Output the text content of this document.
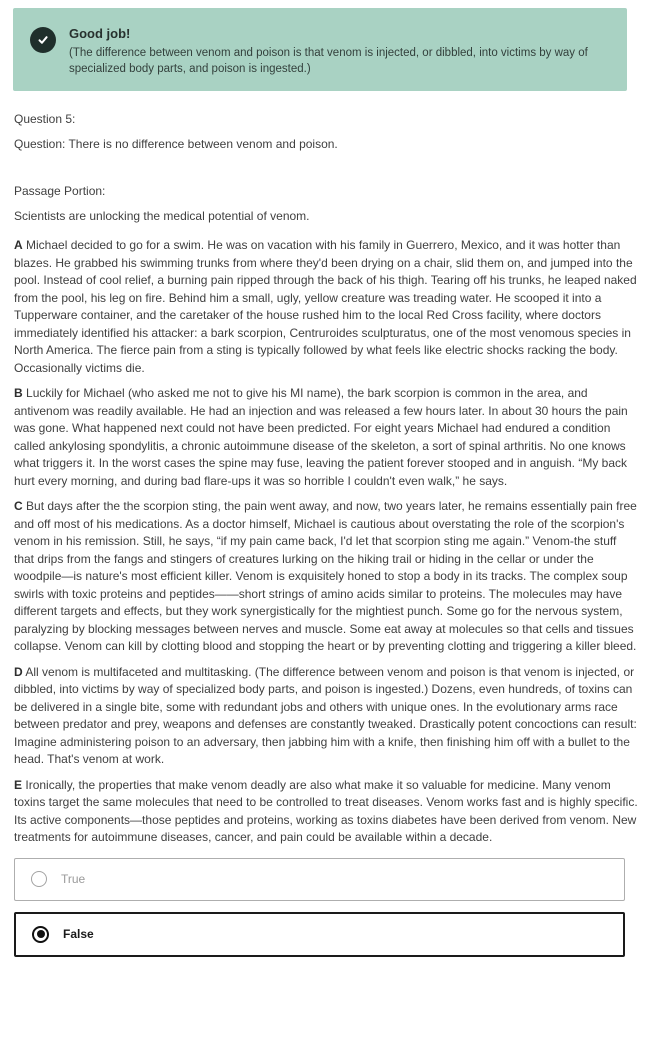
Good job!
(The difference between venom and poison is that venom is injected, or dibbled, into victims by way of specialized body parts, and poison is ingested.)
Question 5:
Question: There is no difference between venom and poison.
Passage Portion:
Scientists are unlocking the medical potential of venom.

A Michael decided to go for a swim. He was on vacation with his family in Guerrero, Mexico, and it was hotter than blazes. He grabbed his swimming trunks from where they'd been drying on a chair, slid them on, and jumped into the pool. Instead of cool relief, a burning pain ripped through the back of his thigh. Tearing off his trunks, he leaped naked from the pool, his leg on fire. Behind him a small, ugly, yellow creature was treading water. He scooped it into a Tupperware container, and the caretaker of the house rushed him to the local Red Cross facility, where doctors immediately identified his attacker: a bark scorpion, Centruroides sculpturatus, one of the most venomous species in North America. The fierce pain from a sting is typically followed by what feels like electric shocks racking the body. Occasionally victims die.

B Luckily for Michael (who asked me not to give his MI name), the bark scorpion is common in the area, and antivenom was readily available. He had an injection and was released a few hours later. In about 30 hours the pain was gone. What happened next could not have been predicted. For eight years Michael had endured a condition called ankylosing spondylitis, a chronic autoimmune disease of the skeleton, a sort of spinal arthritis. No one knows what triggers it. In the worst cases the spine may fuse, leaving the patient forever stooped and in anguish. “My back hurt every morning, and during bad flare-ups it was so horrible I couldn't even walk,” he says.

C But days after the the scorpion sting, the pain went away, and now, two years later, he remains essentially pain free and off most of his medications. As a doctor himself, Michael is cautious about overstating the role of the scorpion's venom in his remission. Still, he says, “if my pain came back, I'd let that scorpion sting me again.” Venom-the stuff that drips from the fangs and stingers of creatures lurking on the hiking trail or hiding in the cellar or under the woodpile—is nature's most efficient killer. Venom is exquisitely honed to stop a body in its tracks. The complex soup swirls with toxic proteins and peptides——short strings of amino acids similar to proteins. The molecules may have different targets and effects, but they work synergistically for the mightiest punch. Some go for the nervous system, paralyzing by blocking messages between nerves and muscle. Some eat away at molecules so that cells and tissues collapse. Venom can kill by clotting blood and stopping the heart or by preventing clotting and triggering a killer bleed.

D All venom is multifaceted and multitasking. (The difference between venom and poison is that venom is injected, or dibbled, into victims by way of specialized body parts, and poison is ingested.) Dozens, even hundreds, of toxins can be delivered in a single bite, some with redundant jobs and others with unique ones. In the evolutionary arms race between predator and prey, weapons and defenses are constantly tweaked. Drastically potent concoctions can result: Imagine administering poison to an adversary, then jabbing him with a knife, then finishing him off with a bullet to the head. That's venom at work.

E Ironically, the properties that make venom deadly are also what make it so valuable for medicine. Many venom toxins target the same molecules that need to be controlled to treat diseases. Venom works fast and is highly specific. Its active components—those peptides and proteins, working as toxins diabetes have been derived from venom. New treatments for autoimmune diseases, cancer, and pain could be available within a decade.

True
False
